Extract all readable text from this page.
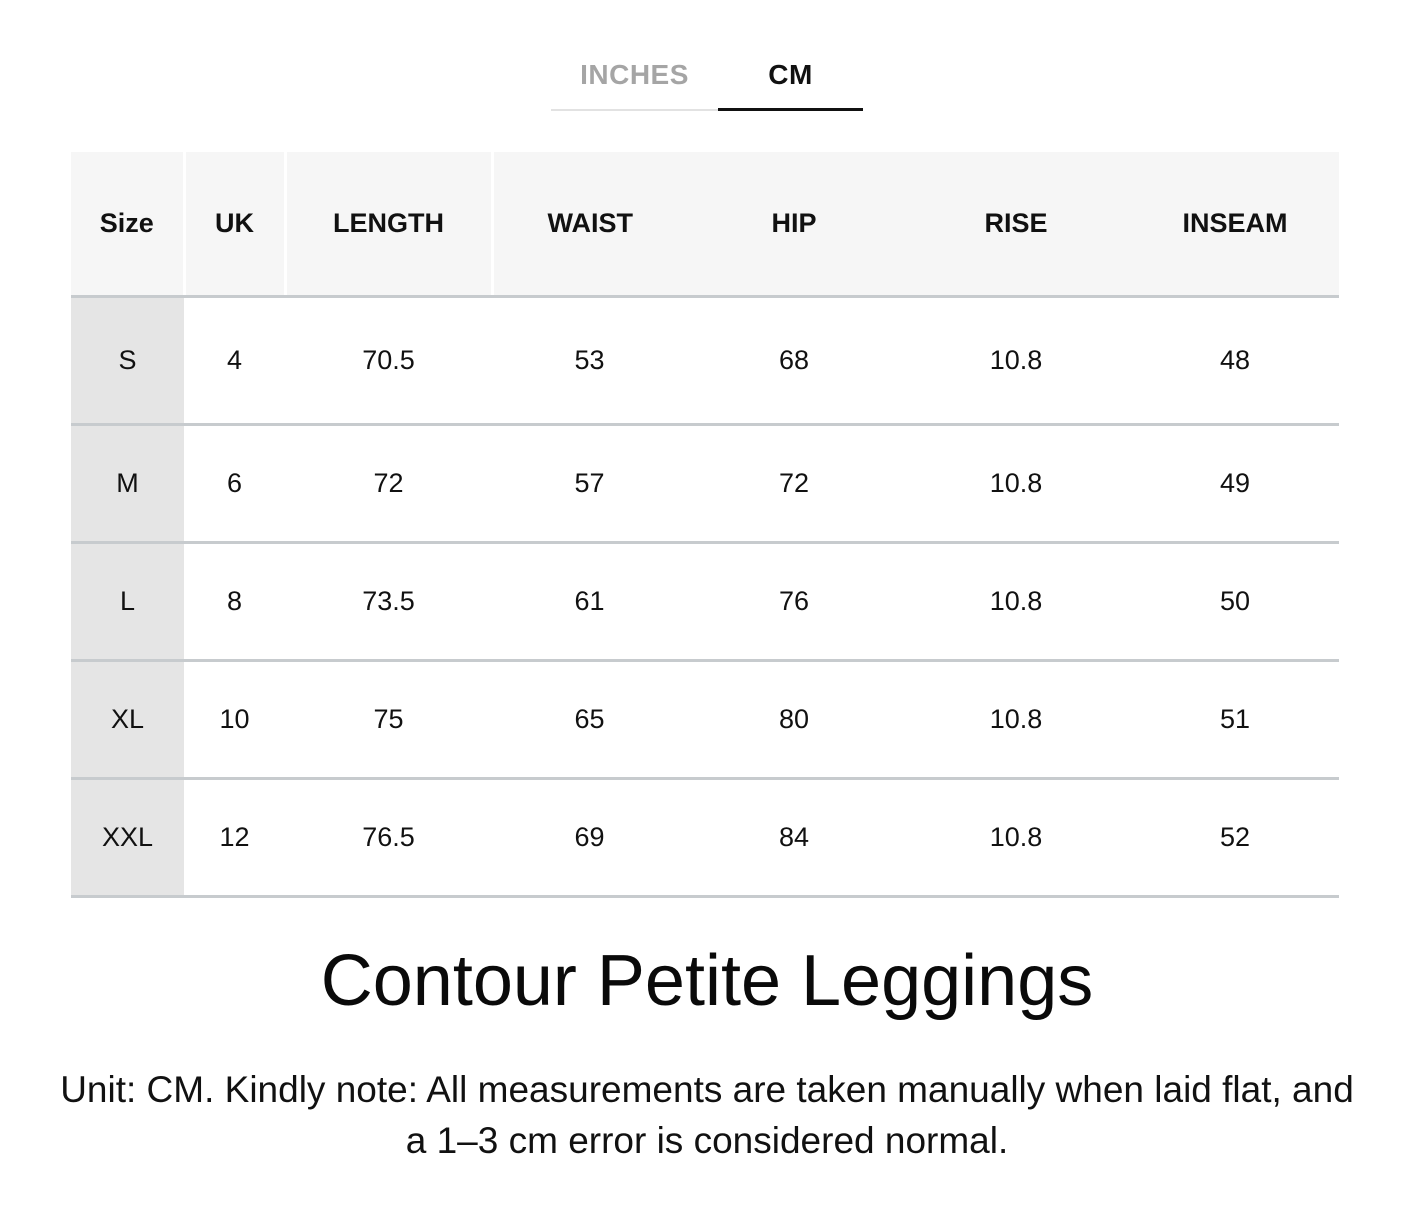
INCHES	CM
Size	UK	LENGTH	WAIST	HIP	RISE	INSEAM
S	4	70.5	53	68	10.8	48
M	6	72	57	72	10.8	49
L	8	73.5	61	76	10.8	50
XL	10	75	65	80	10.8	51
XXL	12	76.5	69	84	10.8	52
Contour Petite Leggings

Unit: CM. Kindly note: All measurements are taken manually when laid flat, and a 1–3 cm error is considered normal.
